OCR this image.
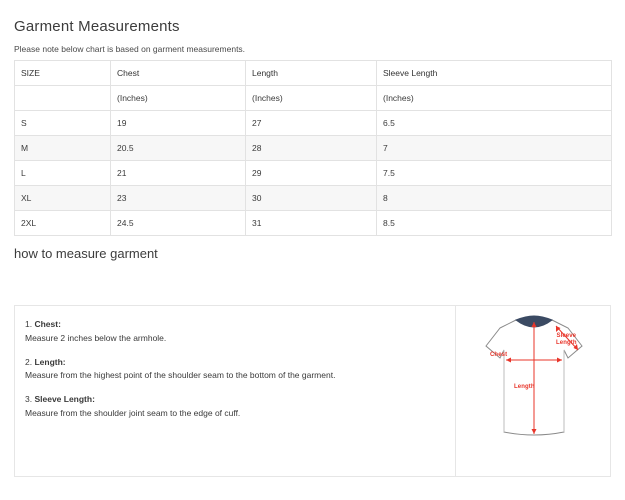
Garment Measurements
Please note below chart is based on garment measurements.
SIZE	Chest	Length	Sleeve Length
	(Inches)	(Inches)	(Inches)
S	19	27	6.5
M	20.5	28	7
L	21	29	7.5
XL	23	30	8
2XL	24.5	31	8.5
how to measure garment
1. Chest:
Measure 2 inches below the armhole.
2. Length:
Measure from the highest point of the shoulder seam to the bottom of the garment.
3. Sleeve Length:
Measure from the shoulder joint seam to the edge of cuff.
Chest
Length
Sleeve
Length
